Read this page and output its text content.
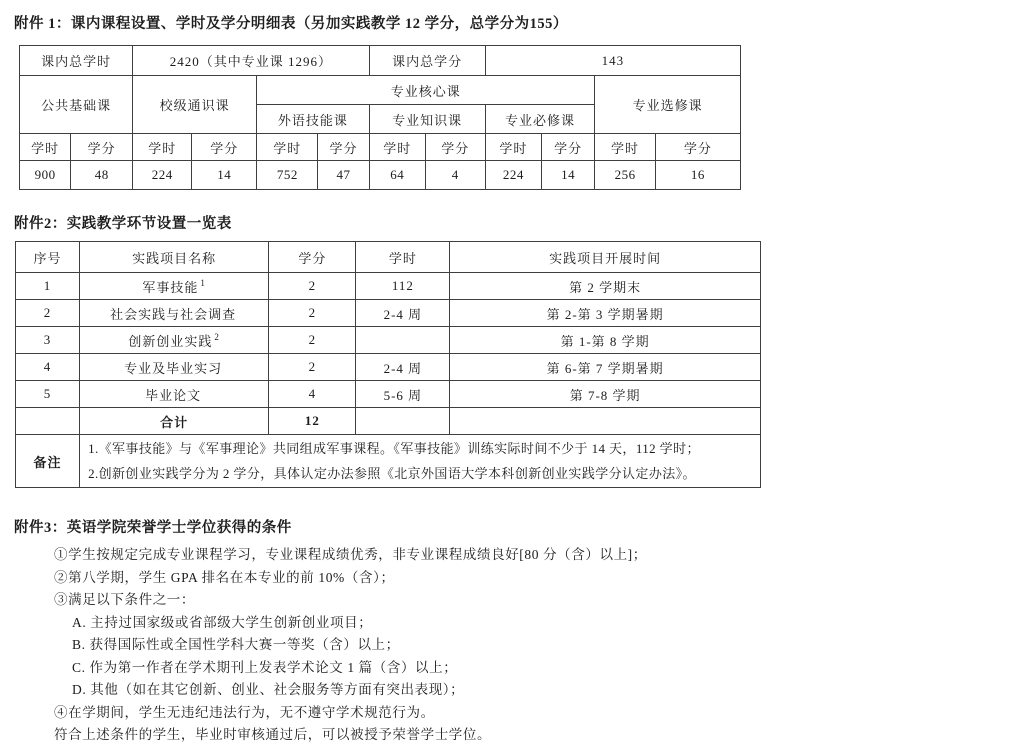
附件 1：课内课程设置、学时及学分明细表（另加实践教学 12 学分，总学分为155）

课内总学时		2420（其中专业课 1296）				课内总学分		143			
公共基础课		校级通识课		专业核心课						专业选修课	
				外语技能课		专业知识课		专业必修课			
学时	学分	学时	学分	学时	学分	学时	学分	学时	学分	学时	学分
900	48	224	14	752	47	64	4	224	14	256	16

附件2：实践教学环节设置一览表

序号	实践项目名称	学分	学时	实践项目开展时间
1	军事技能 $^1$	2	112	第 2 学期末
2	社会实践与社会调查	2	2-4 周	第 2-第 3 学期暑期
3	创新创业实践 $^2$	2		第 1-第 8 学期
4	专业及毕业实习	2	2-4 周	第 6-第 7 学期暑期
5	毕业论文	4	5-6 周	第 7-8 学期
	合计	12		
备注	1.《军事技能》与《军事理论》共同组成军事课程。《军事技能》训练实际时间不少于 14 天，112 学时；
2.创新创业实践学分为 2 学分，具体认定办法参照《北京外国语大学本科创新创业实践学分认定办法》。			

附件3：英语学院荣誉学士学位获得的条件

①学生按规定完成专业课程学习，专业课程成绩优秀，非专业课程成绩良好[80 分（含）以上]；

②第八学期，学生 GPA 排名在本专业的前 10%（含）；

③满足以下条件之一：

A. 主持过国家级或省部级大学生创新创业项目；

B. 获得国际性或全国性学科大赛一等奖（含）以上；

C. 作为第一作者在学术期刊上发表学术论文 1 篇（含）以上；

D. 其他（如在其它创新、创业、社会服务等方面有突出表现）；

④在学期间，学生无违纪违法行为，无不遵守学术规范行为。

符合上述条件的学生，毕业时审核通过后，可以被授予荣誉学士学位。
